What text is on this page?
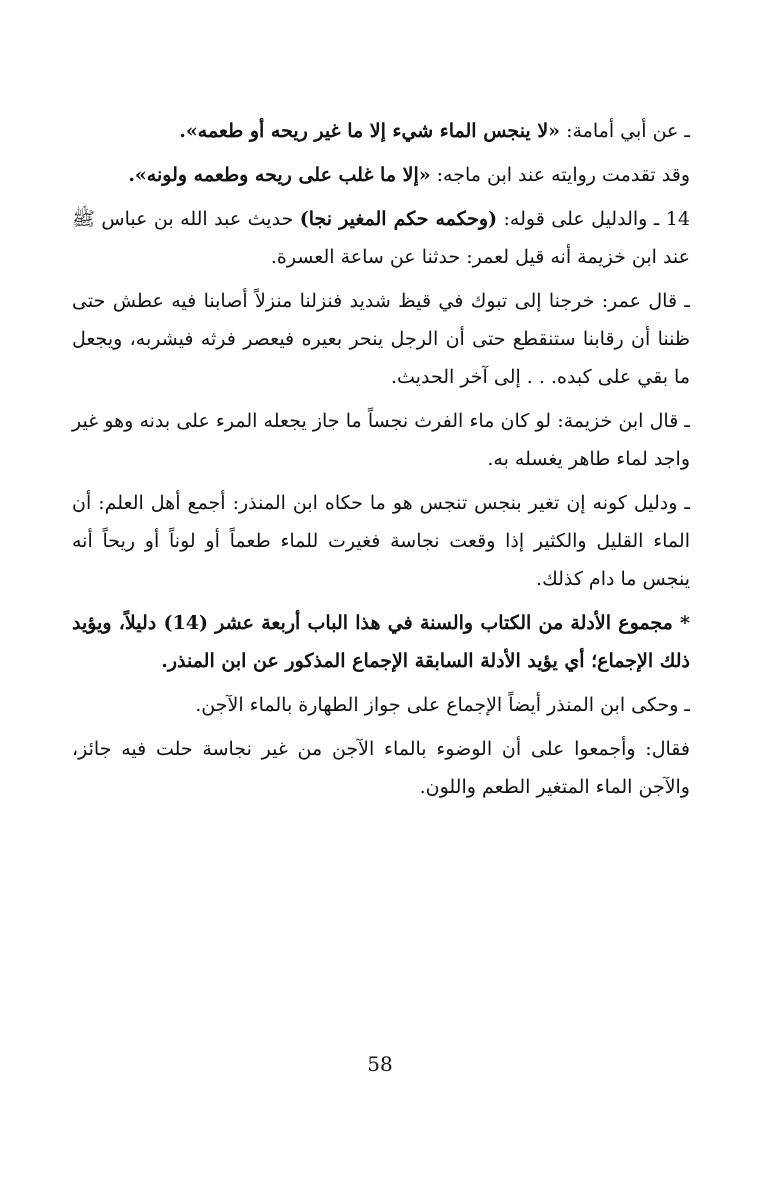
ـ عن أبي أمامة: «لا ينجس الماء شيء إلا ما غير ريحه أو طعمه».

وقد تقدمت روايته عند ابن ماجه: «إلا ما غلب على ريحه وطعمه ولونه».

14 ـ والدليل على قوله: (وحكمه حكم المغير نجا) حديث عبد الله بن عباس ﷺ عند ابن خزيمة أنه قيل لعمر: حدثنا عن ساعة العسرة.

ـ قال عمر: خرجنا إلى تبوك في قيظ شديد فنزلنا منزلاً أصابنا فيه عطش حتى ظننا أن رقابنا ستنقطع حتى أن الرجل ينحر بعيره فيعصر فرثه فيشربه، ويجعل ما بقي على كبده. . . إلى آخر الحديث.

ـ قال ابن خزيمة: لو كان ماء الفرث نجساً ما جاز يجعله المرء على بدنه وهو غير واجد لماء طاهر يغسله به.

ـ ودليل كونه إن تغير بنجس تنجس هو ما حكاه ابن المنذر: أجمع أهل العلم: أن الماء القليل والكثير إذا وقعت نجاسة فغيرت للماء طعماً أو لوناً أو ريحاً أنه ينجس ما دام كذلك.

* مجموع الأدلة من الكتاب والسنة في هذا الباب أربعة عشر (14) دليلاً، ويؤيد ذلك الإجماع؛ أي يؤيد الأدلة السابقة الإجماع المذكور عن ابن المنذر.

ـ وحكى ابن المنذر أيضاً الإجماع على جواز الطهارة بالماء الآجن.

فقال: وأجمعوا على أن الوضوء بالماء الآجن من غير نجاسة حلت فيه جائز، والآجن الماء المتغير الطعم واللون.

58
